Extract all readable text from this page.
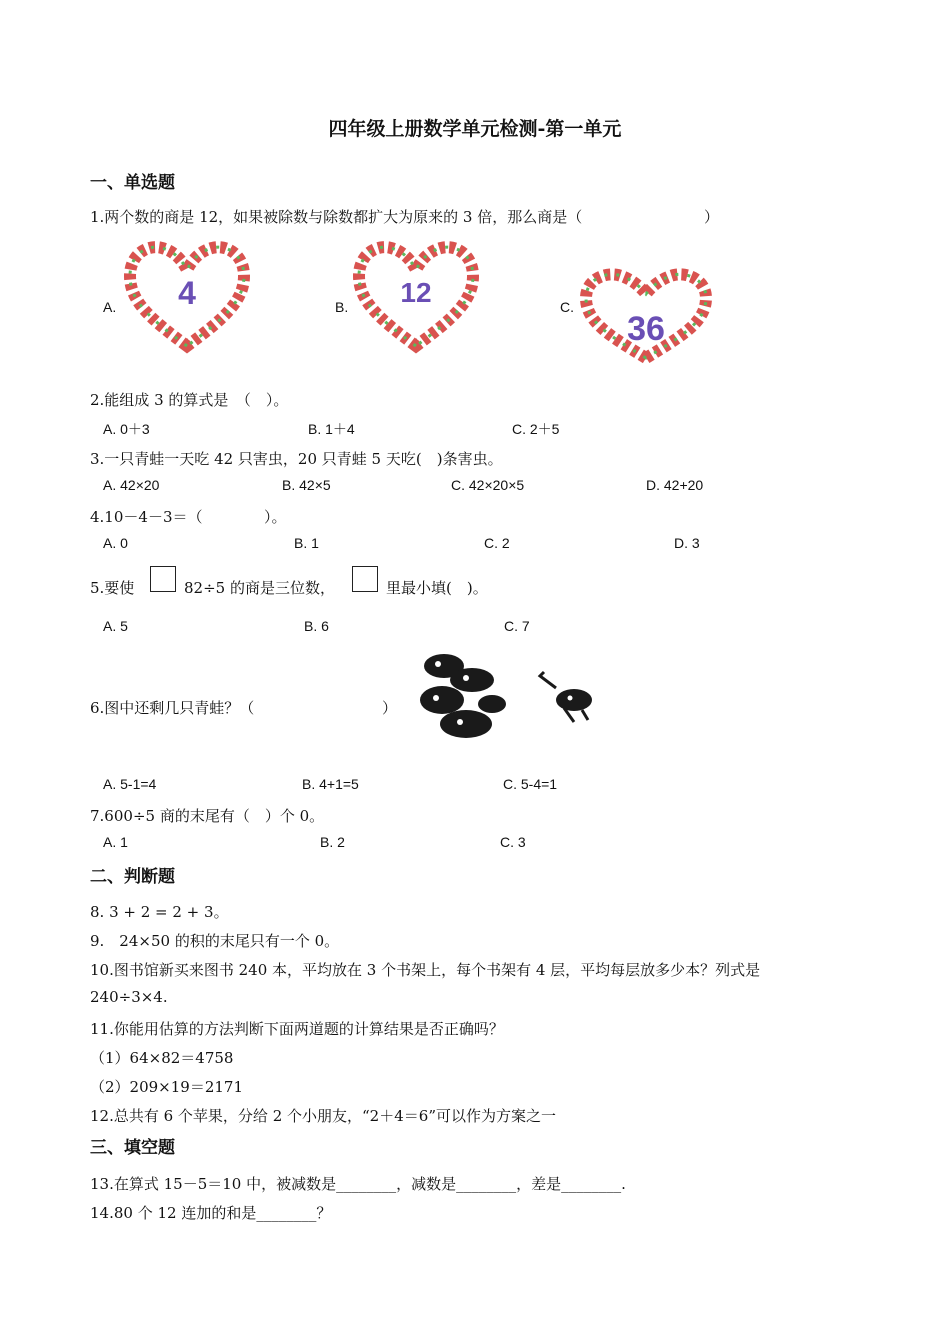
四年级上册数学单元检测-第一单元
一、单选题
1.两个数的商是 12，如果被除数与除数都扩大为原来的 3 倍，那么商是（	）
A.	B.	C.
4	12
36
2.能组成 3 的算式是　（　）。
A. 0＋3	B. 1＋4	C. 2＋5
3.一只青蛙一天吃 42 只害虫，20 只青蛙 5 天吃(　)条害虫。
A. 42×20	B. 42×5	C. 42×20×5	D. 42+20
4.10－4－3＝（	）。
A. 0	B. 1	C. 2	D. 3
5.要使	82÷5 的商是三位数，	里最小填(　)。
A. 5	B. 6	C. 7
6.图中还剩几只青蛙？（	）
A. 5-1=4	B. 4+1=5	C. 5-4=1
7.600÷5 商的末尾有（　）个 0。
A. 1	B. 2	C. 3
二、判断题
8. 3 + 2 = 2 + 3。
9.　24×50 的积的末尾只有一个 0。
10.图书馆新买来图书 240 本，平均放在 3 个书架上，每个书架有 4 层，平均每层放多少本？列式是
240÷3×4.
11.你能用估算的方法判断下面两道题的计算结果是否正确吗？
（1）64×82＝4758
（2）209×19＝2171
12.总共有 6 个苹果，分给 2 个小朋友，“2＋4＝6”可以作为方案之一
三、填空题
13.在算式 15－5＝10 中，被减数是________，减数是________，差是________.
14.80 个 12 连加的和是________？
